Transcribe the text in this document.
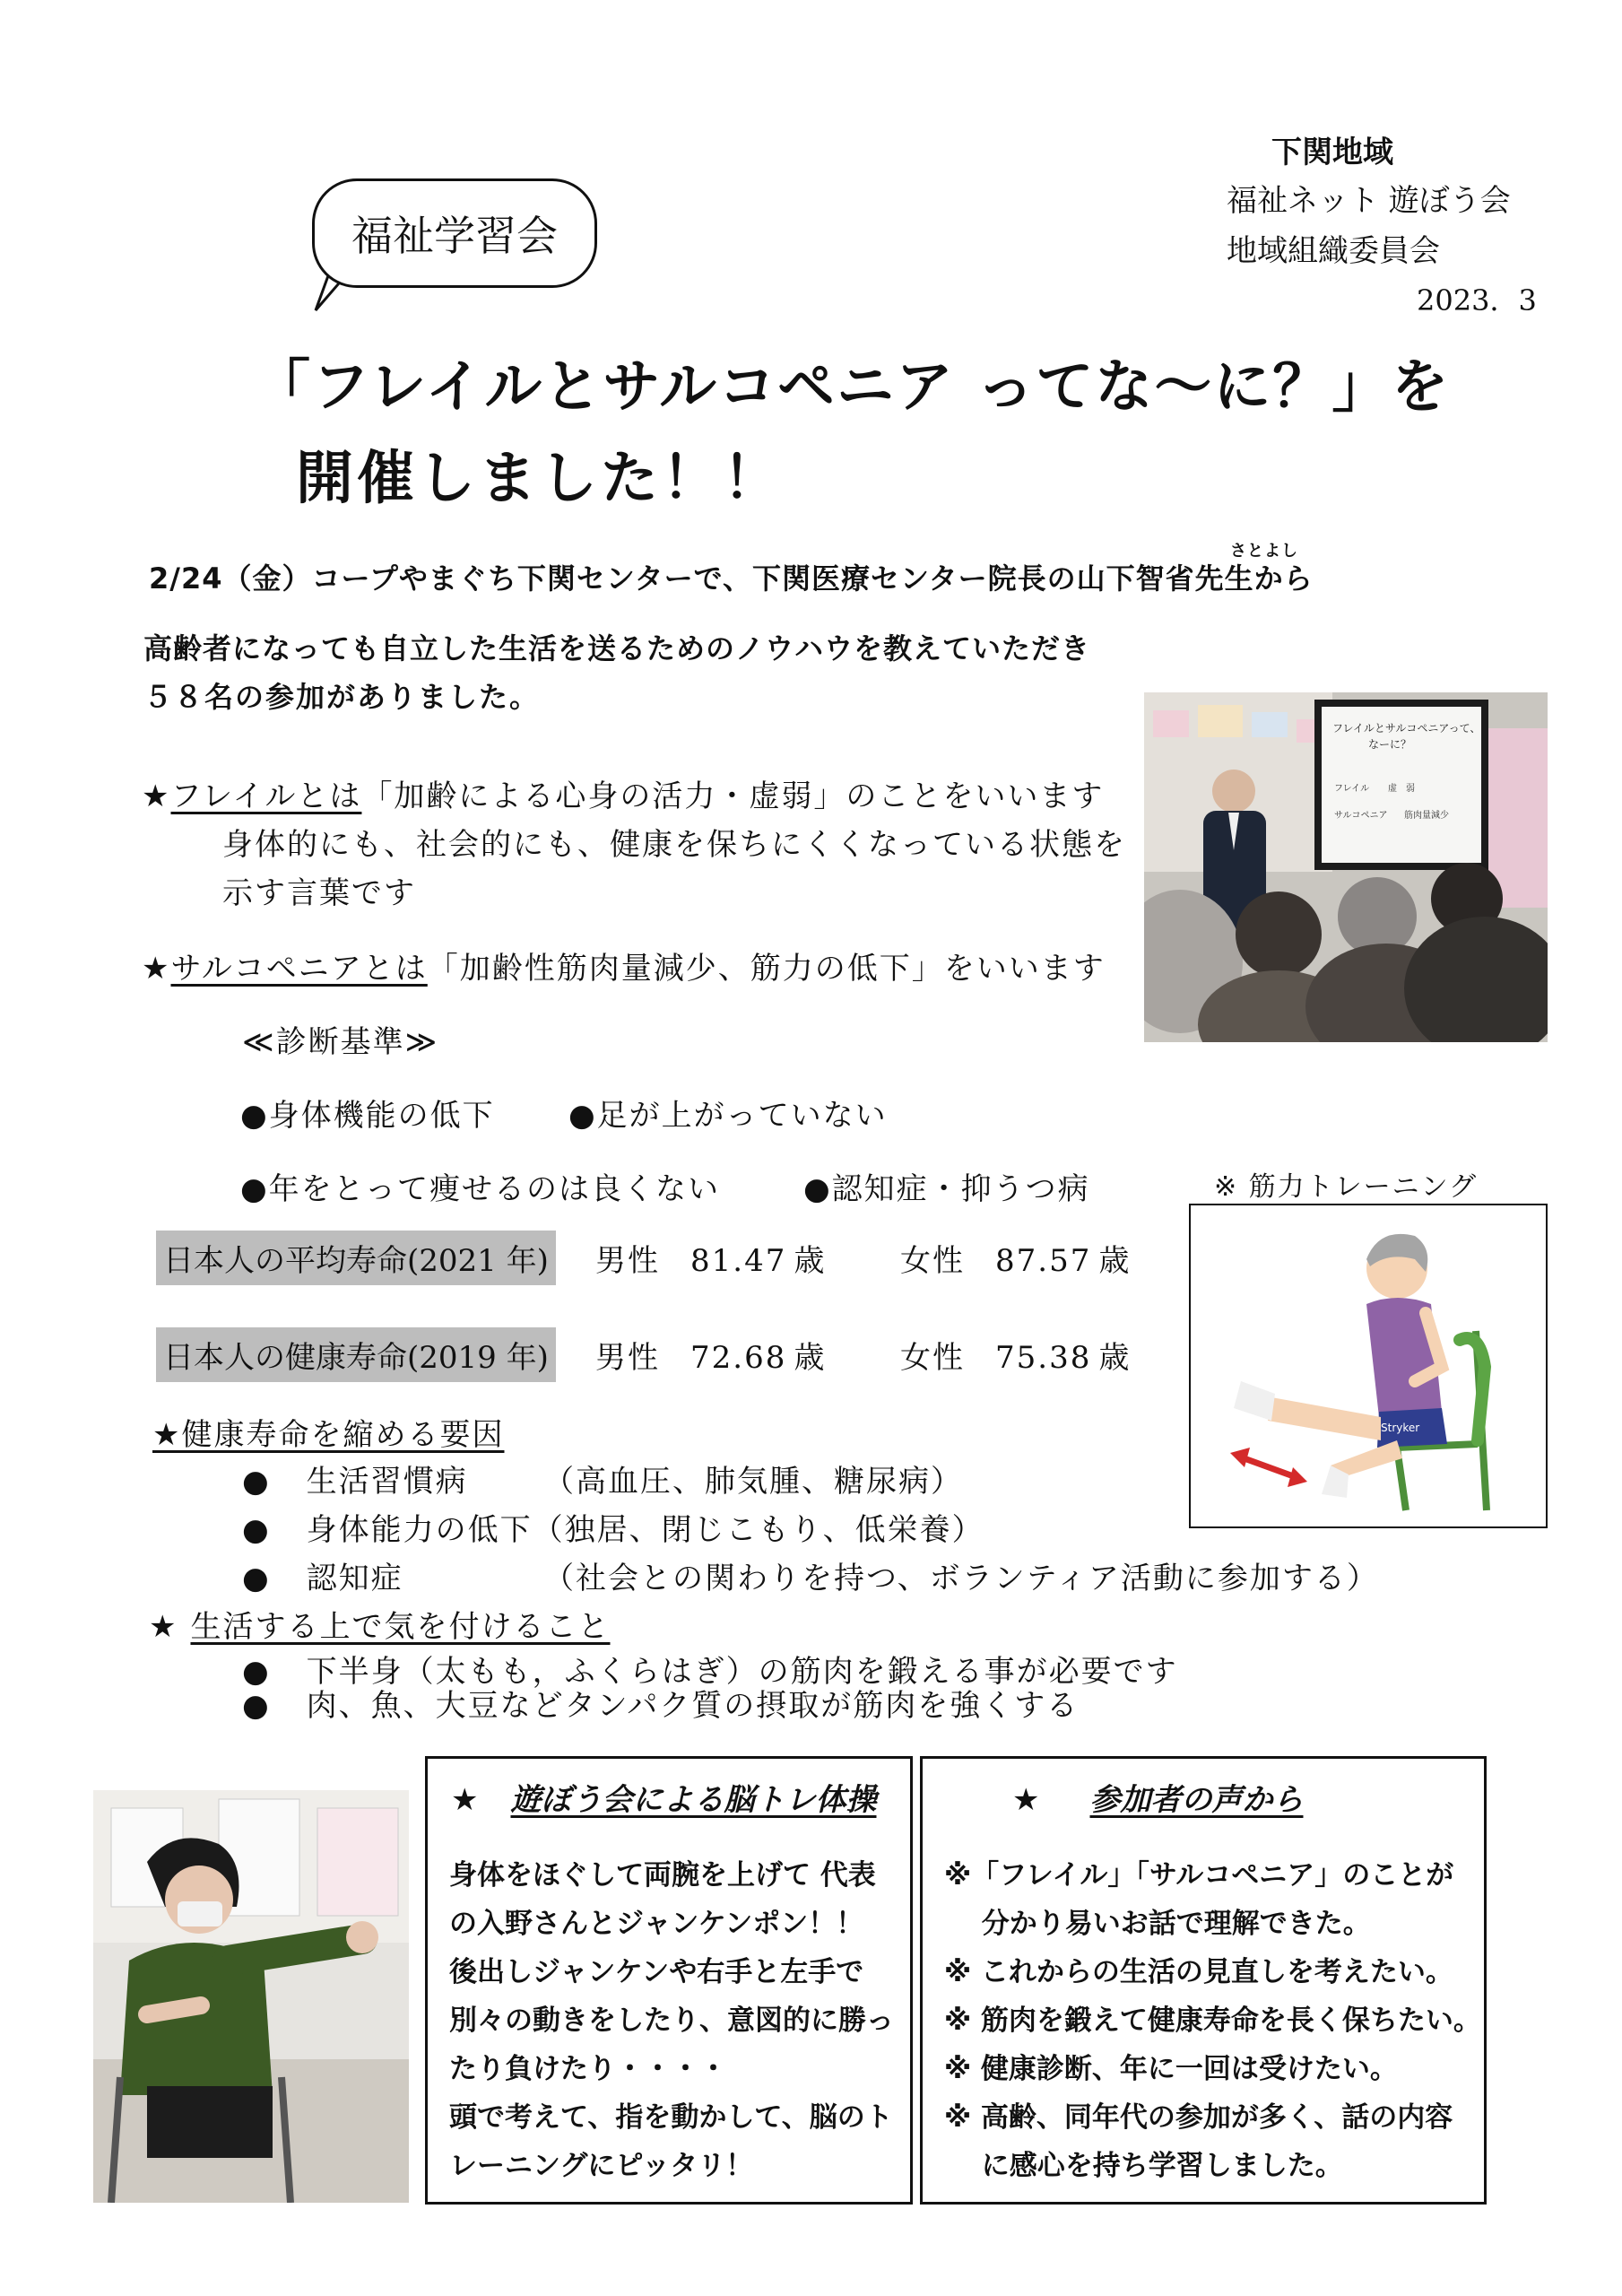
下関地域
福祉ネット 遊ぼう会
地域組織委員会
2023．3
福祉学習会
「フレイルとサルコペニア ってな～に？」を
開催しました！！
さとよし
2/24（金）コープやまぐち下関センターで、下関医療センター院長の山下智省先生から
高齢者になっても自立した生活を送るためのノウハウを教えていただき
５８名の参加がありました。
★フレイルとは「加齢による心身の活力・虚弱」のことをいいます
身体的にも、社会的にも、健康を保ちにくくなっている状態を
示す言葉です
★サルコペニアとは「加齢性筋肉量減少、筋力の低下」をいいます
≪診断基準≫
●身体機能の低下 ●足が上がっていない
●年をとって痩せるのは良くない	●認知症・抑うつ病	※ 筋力トレーニング
日本人の平均寿命(2021 年) 男性 81.47 歳 女性 87.57 歳
日本人の健康寿命(2019 年) 男性 72.68 歳 女性 75.38 歳
★健康寿命を縮める要因
● 生活習慣病 （高血圧、肺気腫、糖尿病）
● 身体能力の低下（独居、閉じこもり、低栄養）
● 認知症	（社会との関わりを持つ、ボランティア活動に参加する）
★ 生活する上で気を付けること
● 下半身（太もも，ふくらはぎ）の筋肉を鍛える事が必要です
● 肉、魚、大豆などタンパク質の摂取が筋肉を強くする
フレイルとサルコペニアって、
なーに？
フレイル 虚　弱
サルコペニア 筋肉量減少
Stryker
★ 遊ぼう会による脳トレ体操
身体をほぐして両腕を上げて 代表
の入野さんとジャンケンポン！！
後出しジャンケンや右手と左手で
別々の動きをしたり、意図的に勝っ
たり負けたり・・・・
頭で考えて、指を動かして、脳のト
レーニングにピッタリ！
★ 参加者の声から
※「フレイル」「サルコペニア」のことが
　 分かり易いお話で理解できた。
※ これからの生活の見直しを考えたい。
※ 筋肉を鍛えて健康寿命を長く保ちたい。
※ 健康診断、年に一回は受けたい。
※ 高齢、同年代の参加が多く、話の内容
　 に感心を持ち学習しました。
